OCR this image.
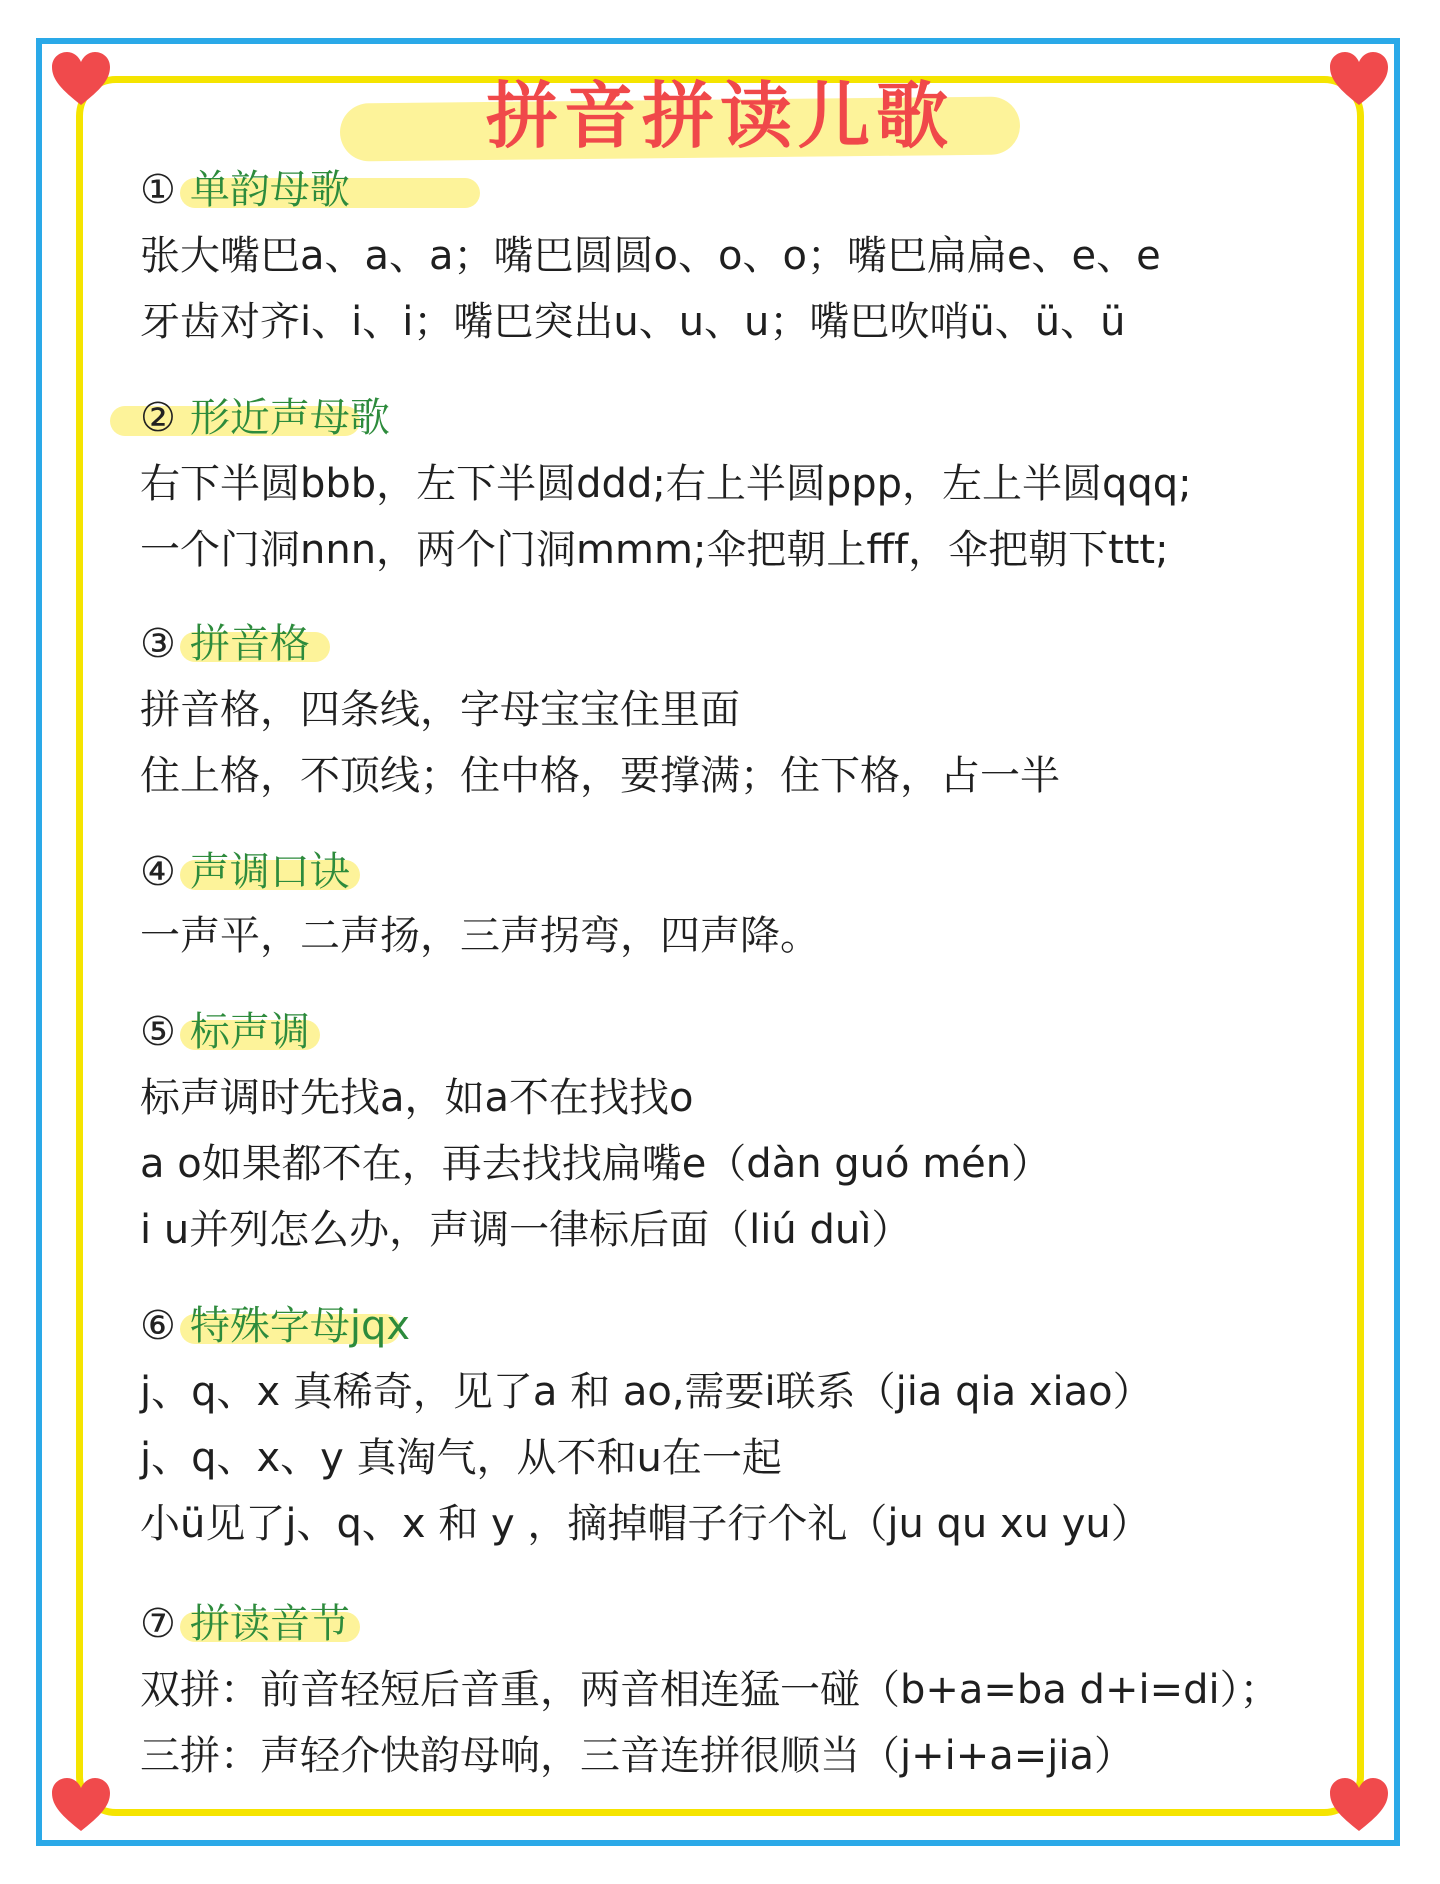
拼音拼读儿歌
① 单韵母歌
张大嘴巴a、a、a；嘴巴圆圆o、o、o；嘴巴扁扁e、e、e
牙齿对齐i、i、i；嘴巴突出u、u、u；嘴巴吹哨ü、ü、ü
② 形近声母歌
右下半圆bbb，左下半圆ddd;右上半圆ppp，左上半圆qqq;
一个门洞nnn，两个门洞mmm;伞把朝上fff，伞把朝下ttt;
③ 拼音格
拼音格，四条线，字母宝宝住里面
住上格，不顶线；住中格，要撑满；住下格，占一半
④ 声调口诀
一声平，二声扬，三声拐弯，四声降。
⑤ 标声调
标声调时先找a，如a不在找找o
a o如果都不在，再去找找扁嘴e（dàn guó mén）
i u并列怎么办，声调一律标后面（liú duì）
⑥ 特殊字母jqx
j、q、x 真稀奇，见了a 和 ao,需要i联系（jia qia xiao）
j、q、x、y 真淘气，从不和u在一起
小ü见了j、q、x 和 y ，摘掉帽子行个礼（ju qu xu yu）
⑦ 拼读音节
双拼：前音轻短后音重，两音相连猛一碰（b+a=ba d+i=di）；
三拼：声轻介快韵母响，三音连拼很顺当（j+i+a=jia）
